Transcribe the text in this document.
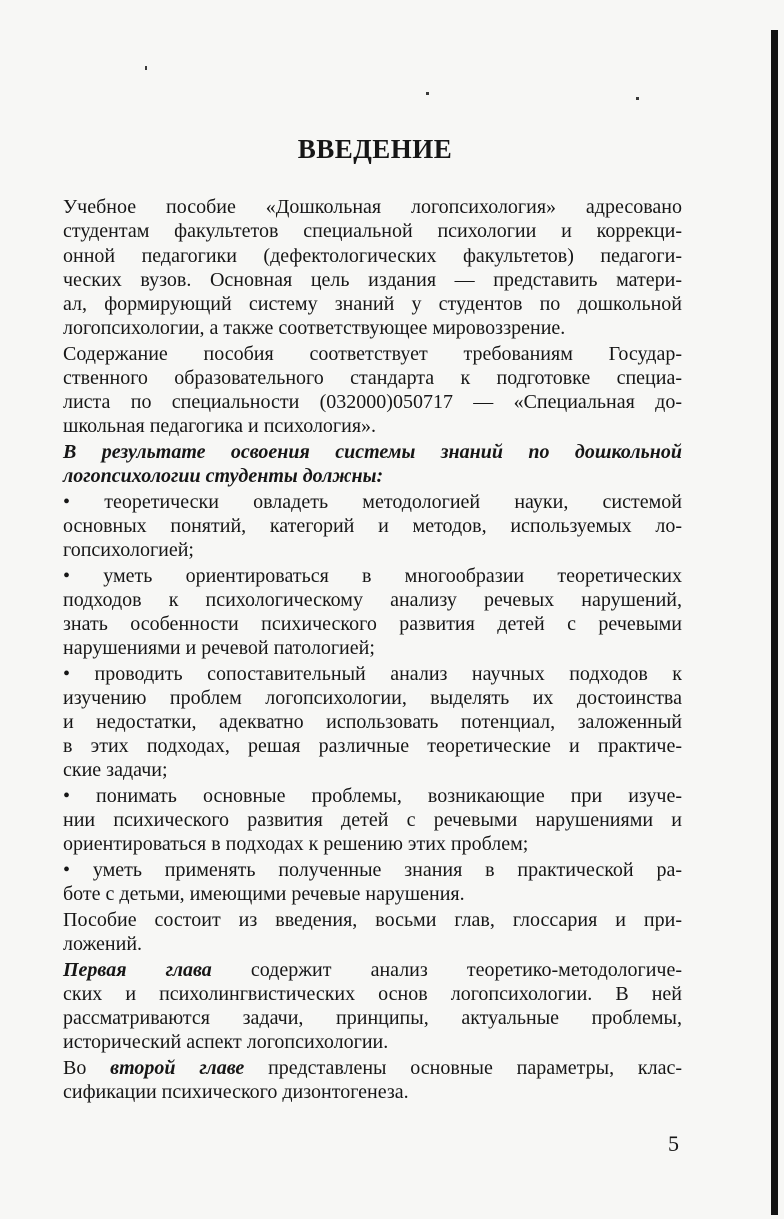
ВВЕДЕНИЕ
Учебное пособие «Дошкольная логопсихология» адресовано
студентам факультетов специальной психологии и коррекци-
онной педагогики (дефектологических факультетов) педагоги-
ческих вузов. Основная цель издания — представить матери-
ал, формирующий систему знаний у студентов по дошкольной
логопсихологии, а также соответствующее мировоззрение.
Содержание пособия соответствует требованиям Государ-
ственного образовательного стандарта к подготовке специа-
листа по специальности (032000)050717 — «Специальная до-
школьная педагогика и психология».
В результате освоения системы знаний по дошкольной
логопсихологии студенты должны:
• теоретически овладеть методологией науки, системой
основных понятий, категорий и методов, используемых ло-
гопсихологией;
• уметь ориентироваться в многообразии теоретических
подходов к психологическому анализу речевых нарушений,
знать особенности психического развития детей с речевыми
нарушениями и речевой патологией;
• проводить сопоставительный анализ научных подходов к
изучению проблем логопсихологии, выделять их достоинства
и недостатки, адекватно использовать потенциал, заложенный
в этих подходах, решая различные теоретические и практиче-
ские задачи;
• понимать основные проблемы, возникающие при изуче-
нии психического развития детей с речевыми нарушениями и
ориентироваться в подходах к решению этих проблем;
• уметь применять полученные знания в практической ра-
боте с детьми, имеющими речевые нарушения.
Пособие состоит из введения, восьми глав, глоссария и при-
ложений.
Первая глава содержит анализ теоретико-методологиче-
ских и психолингвистических основ логопсихологии. В ней
рассматриваются задачи, принципы, актуальные проблемы,
исторический аспект логопсихологии.
Во второй главе представлены основные параметры, клас-
сификации психического дизонтогенеза.
5
